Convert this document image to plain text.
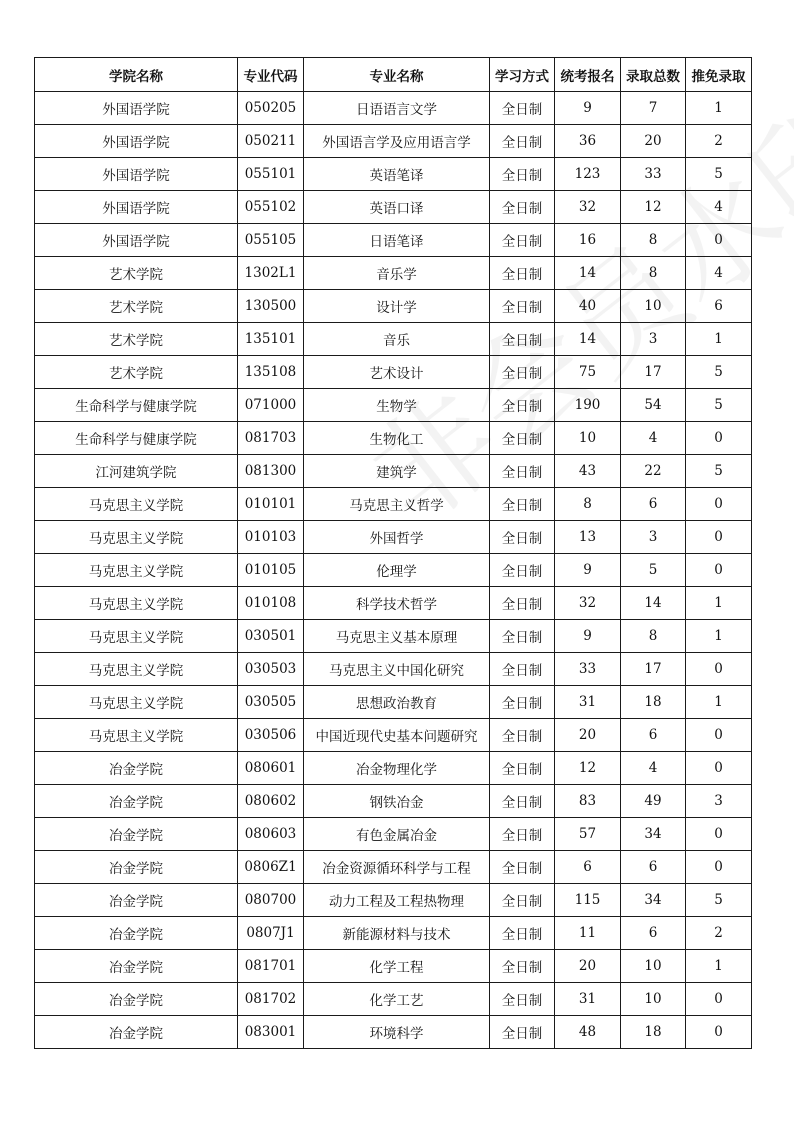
学院名称	专业代码	专业名称	学习方式	统考报名	录取总数	推免录取
外国语学院	050205	日语语言文学	全日制	9	7	1
外国语学院	050211	外国语言学及应用语言学	全日制	36	20	2
外国语学院	055101	英语笔译	全日制	123	33	5
外国语学院	055102	英语口译	全日制	32	12	4
外国语学院	055105	日语笔译	全日制	16	8	0
艺术学院	1302L1	音乐学	全日制	14	8	4
艺术学院	130500	设计学	全日制	40	10	6
艺术学院	135101	音乐	全日制	14	3	1
艺术学院	135108	艺术设计	全日制	75	17	5
生命科学与健康学院	071000	生物学	全日制	190	54	5
生命科学与健康学院	081703	生物化工	全日制	10	4	0
江河建筑学院	081300	建筑学	全日制	43	22	5
马克思主义学院	010101	马克思主义哲学	全日制	8	6	0
马克思主义学院	010103	外国哲学	全日制	13	3	0
马克思主义学院	010105	伦理学	全日制	9	5	0
马克思主义学院	010108	科学技术哲学	全日制	32	14	1
马克思主义学院	030501	马克思主义基本原理	全日制	9	8	1
马克思主义学院	030503	马克思主义中国化研究	全日制	33	17	0
马克思主义学院	030505	思想政治教育	全日制	31	18	1
马克思主义学院	030506	中国近现代史基本问题研究	全日制	20	6	0
冶金学院	080601	冶金物理化学	全日制	12	4	0
冶金学院	080602	钢铁冶金	全日制	83	49	3
冶金学院	080603	有色金属冶金	全日制	57	34	0
冶金学院	0806Z1	冶金资源循环科学与工程	全日制	6	6	0
冶金学院	080700	动力工程及工程热物理	全日制	115	34	5
冶金学院	0807J1	新能源材料与技术	全日制	11	6	2
冶金学院	081701	化学工程	全日制	20	10	1
冶金学院	081702	化学工艺	全日制	31	10	0
冶金学院	083001	环境科学	全日制	48	18	0
